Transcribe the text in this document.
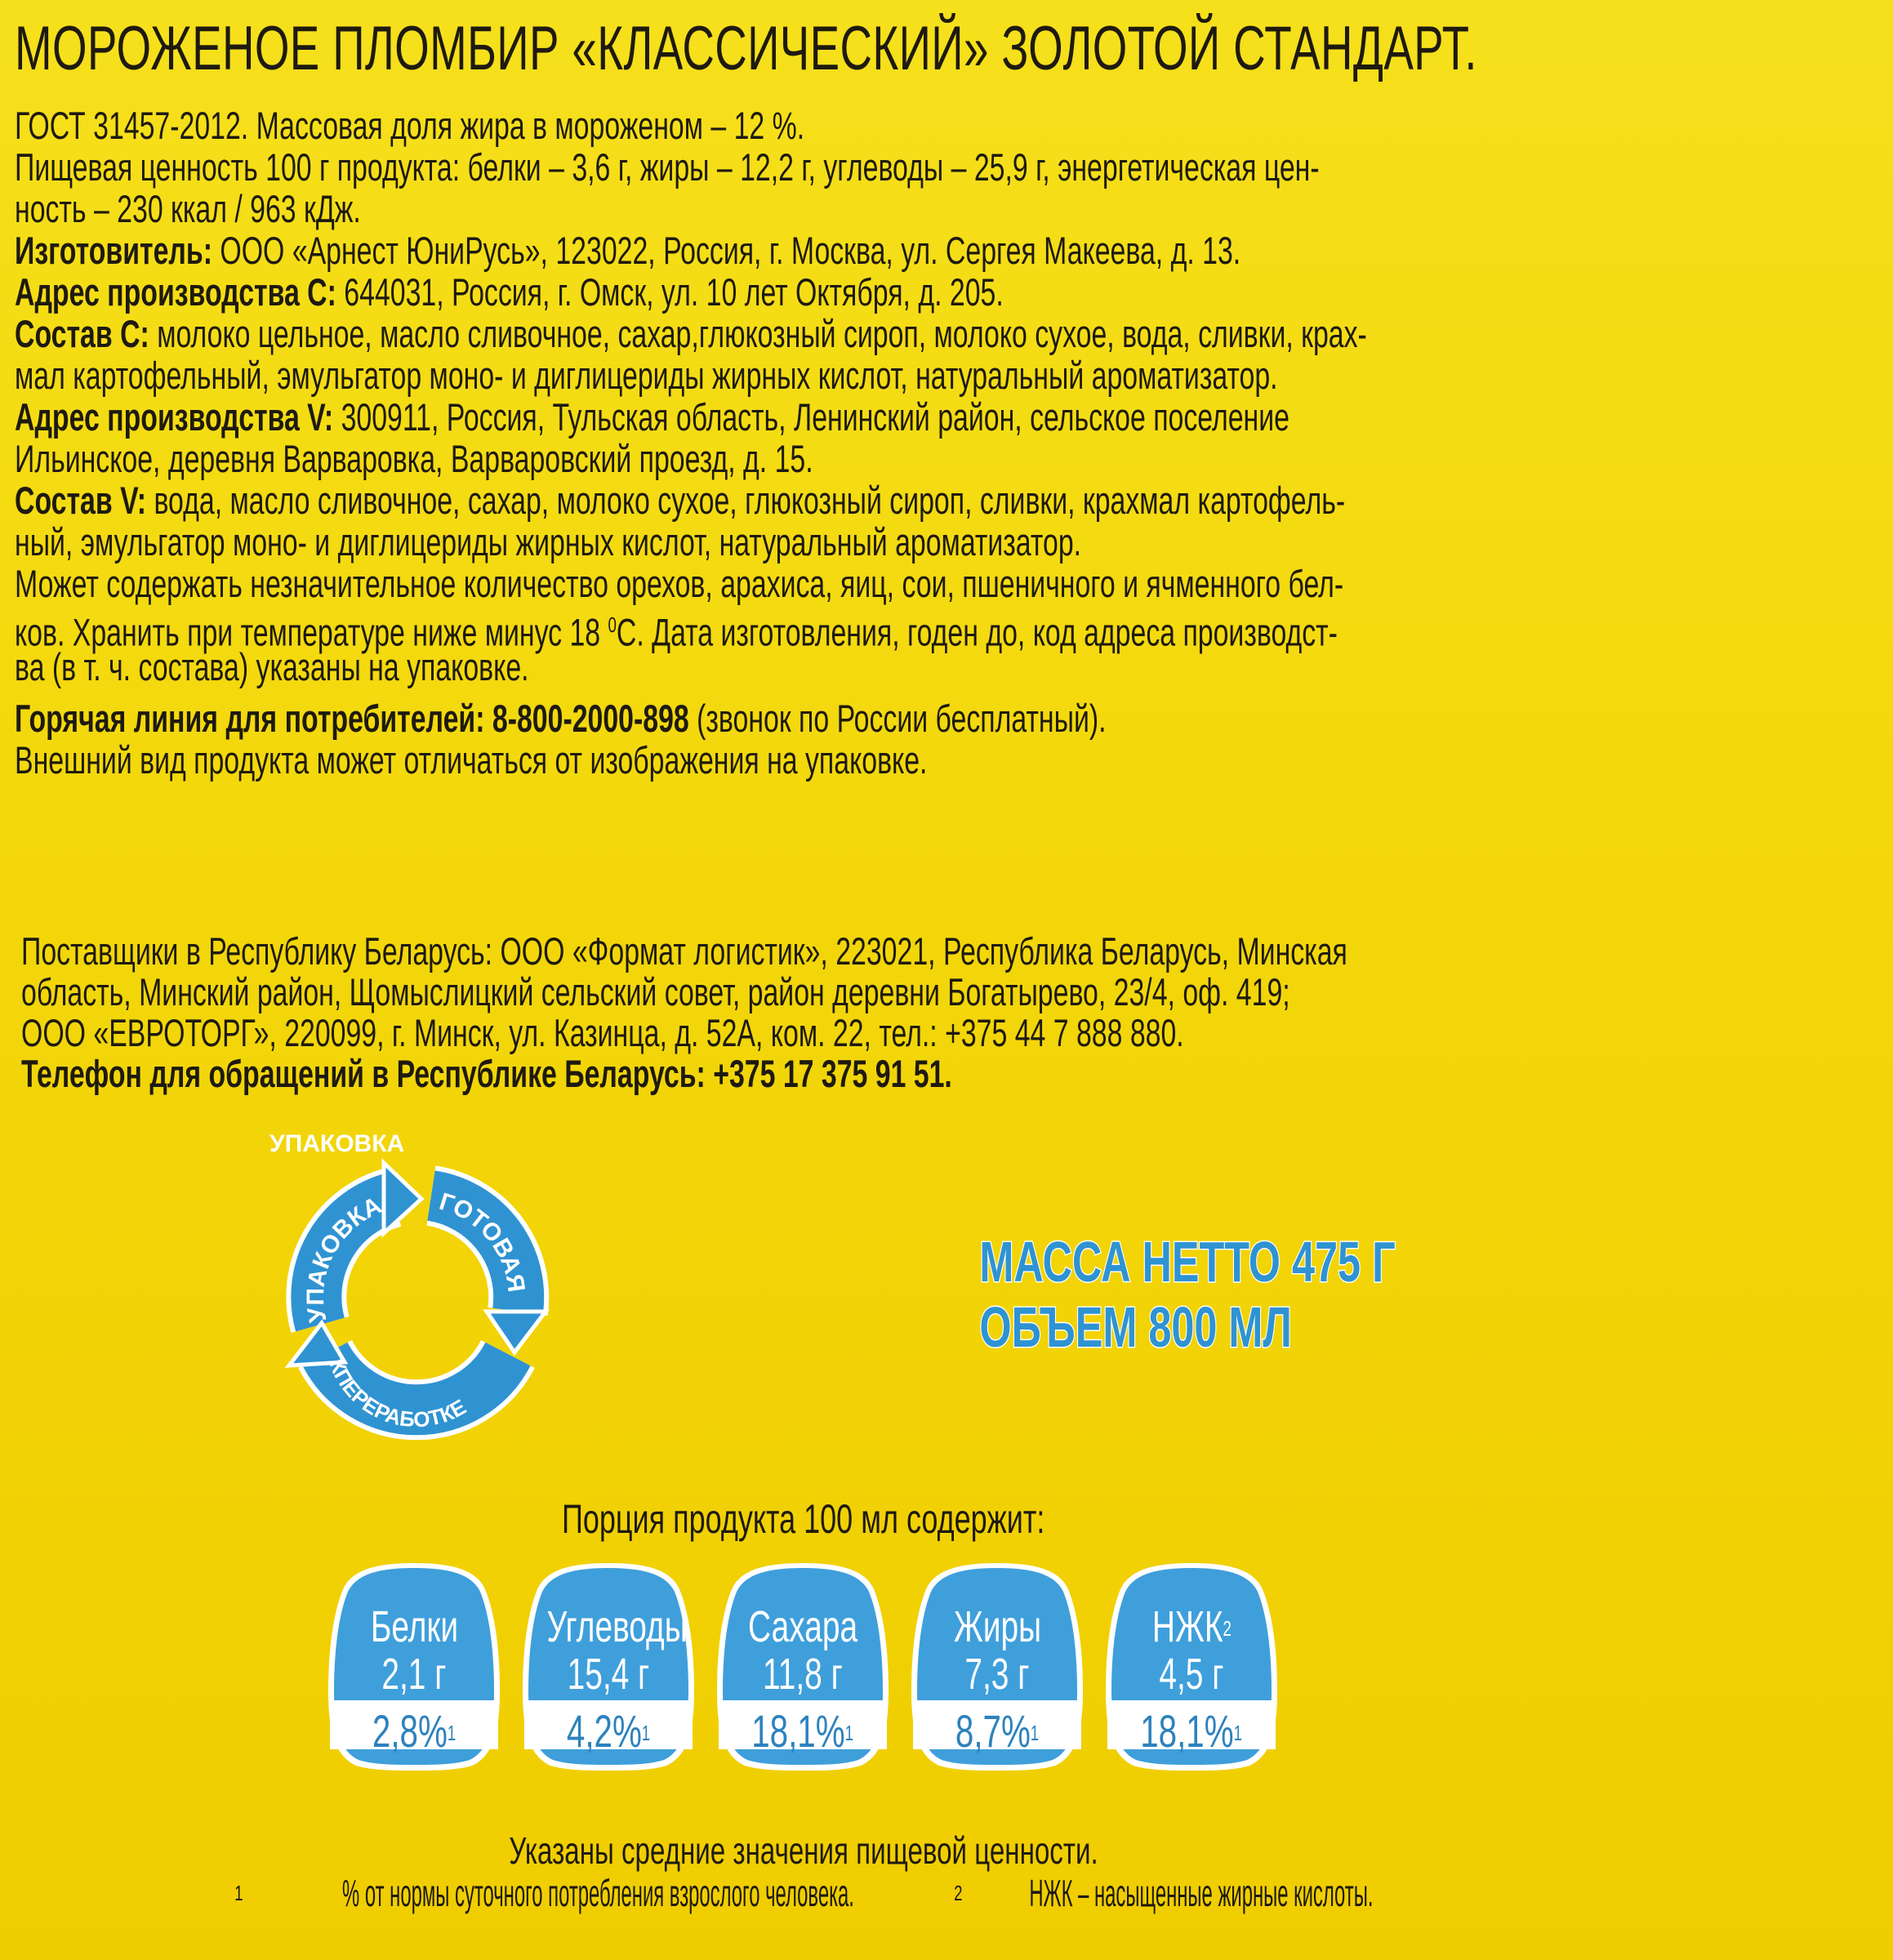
МОРОЖЕНОЕ ПЛОМБИР «КЛАССИЧЕСКИЙ» ЗОЛОТОЙ СТАНДАРТ.
ГОСТ 31457-2012. Массовая доля жира в мороженом – 12 %.
Пищевая ценность 100 г продукта: белки – 3,6 г, жиры – 12,2 г, углеводы – 25,9 г, энергетическая цен-
ность – 230 ккал / 963 кДж.
Изготовитель: ООО «Арнест ЮниРусь», 123022, Россия, г. Москва, ул. Сергея Макеева, д. 13.
Адрес производства С: 644031, Россия, г. Омск, ул. 10 лет Октября, д. 205.
Состав С: молоко цельное, масло сливочное, сахар,глюкозный сироп, молоко сухое, вода, сливки, крах-
мал картофельный, эмульгатор моно- и диглицериды жирных кислот, натуральный ароматизатор.
Адрес производства V: 300911, Россия, Тульская область, Ленинский район, сельское поселение
Ильинское, деревня Варваровка, Варваровский проезд, д. 15.
Состав V: вода, масло сливочное, сахар, молоко сухое, глюкозный сироп, сливки, крахмал картофель-
ный, эмульгатор моно- и диглицериды жирных кислот, натуральный ароматизатор.
Может содержать незначительное количество орехов, арахиса, яиц, сои, пшеничного и ячменного бел-
ков. Хранить при температуре ниже минус 18 $^0$С. Дата изготовления, годен до, код адреса производст-
ва (в т. ч. состава) указаны на упаковке.
Горячая линия для потребителей: 8-800-2000-898 (звонок по России бесплатный).
Внешний вид продукта может отличаться от изображения на упаковке.
Поставщики в Республику Беларусь: ООО «Формат логистик», 223021, Республика Беларусь, Минская
область, Минский район, Щомыслицкий сельский совет, район деревни Богатырево, 23/4, оф. 419;
ООО «ЕВРОТОРГ», 220099, г. Минск, ул. Казинца, д. 52А, ком. 22, тел.: +375 44 7 888 880.
Телефон для обращений в Республике Беларусь: +375 17 375 91 51.
УПАКОВКА
УПАКОВКА ГОТОВАЯ
КПЕРЕРАБОТКЕ
МАССА НЕТТО 475 Г
ОБЪЕМ 800 МЛ
Порция продукта 100 мл содержит:
Белки
2,1 г
2,8%$^1$
Углеводы
15,4 г
4,2%$^1$
Сахара
11,8 г
18,1%$^1$
Жиры
7,3 г
8,7%$^1$
НЖК$^2$
4,5 г
18,1%$^1$
Указаны средние значения пищевой ценности.
$^1$	% от нормы суточного потребления взрослого человека.	$^2$ НЖК – насыщенные жирные кислоты.
